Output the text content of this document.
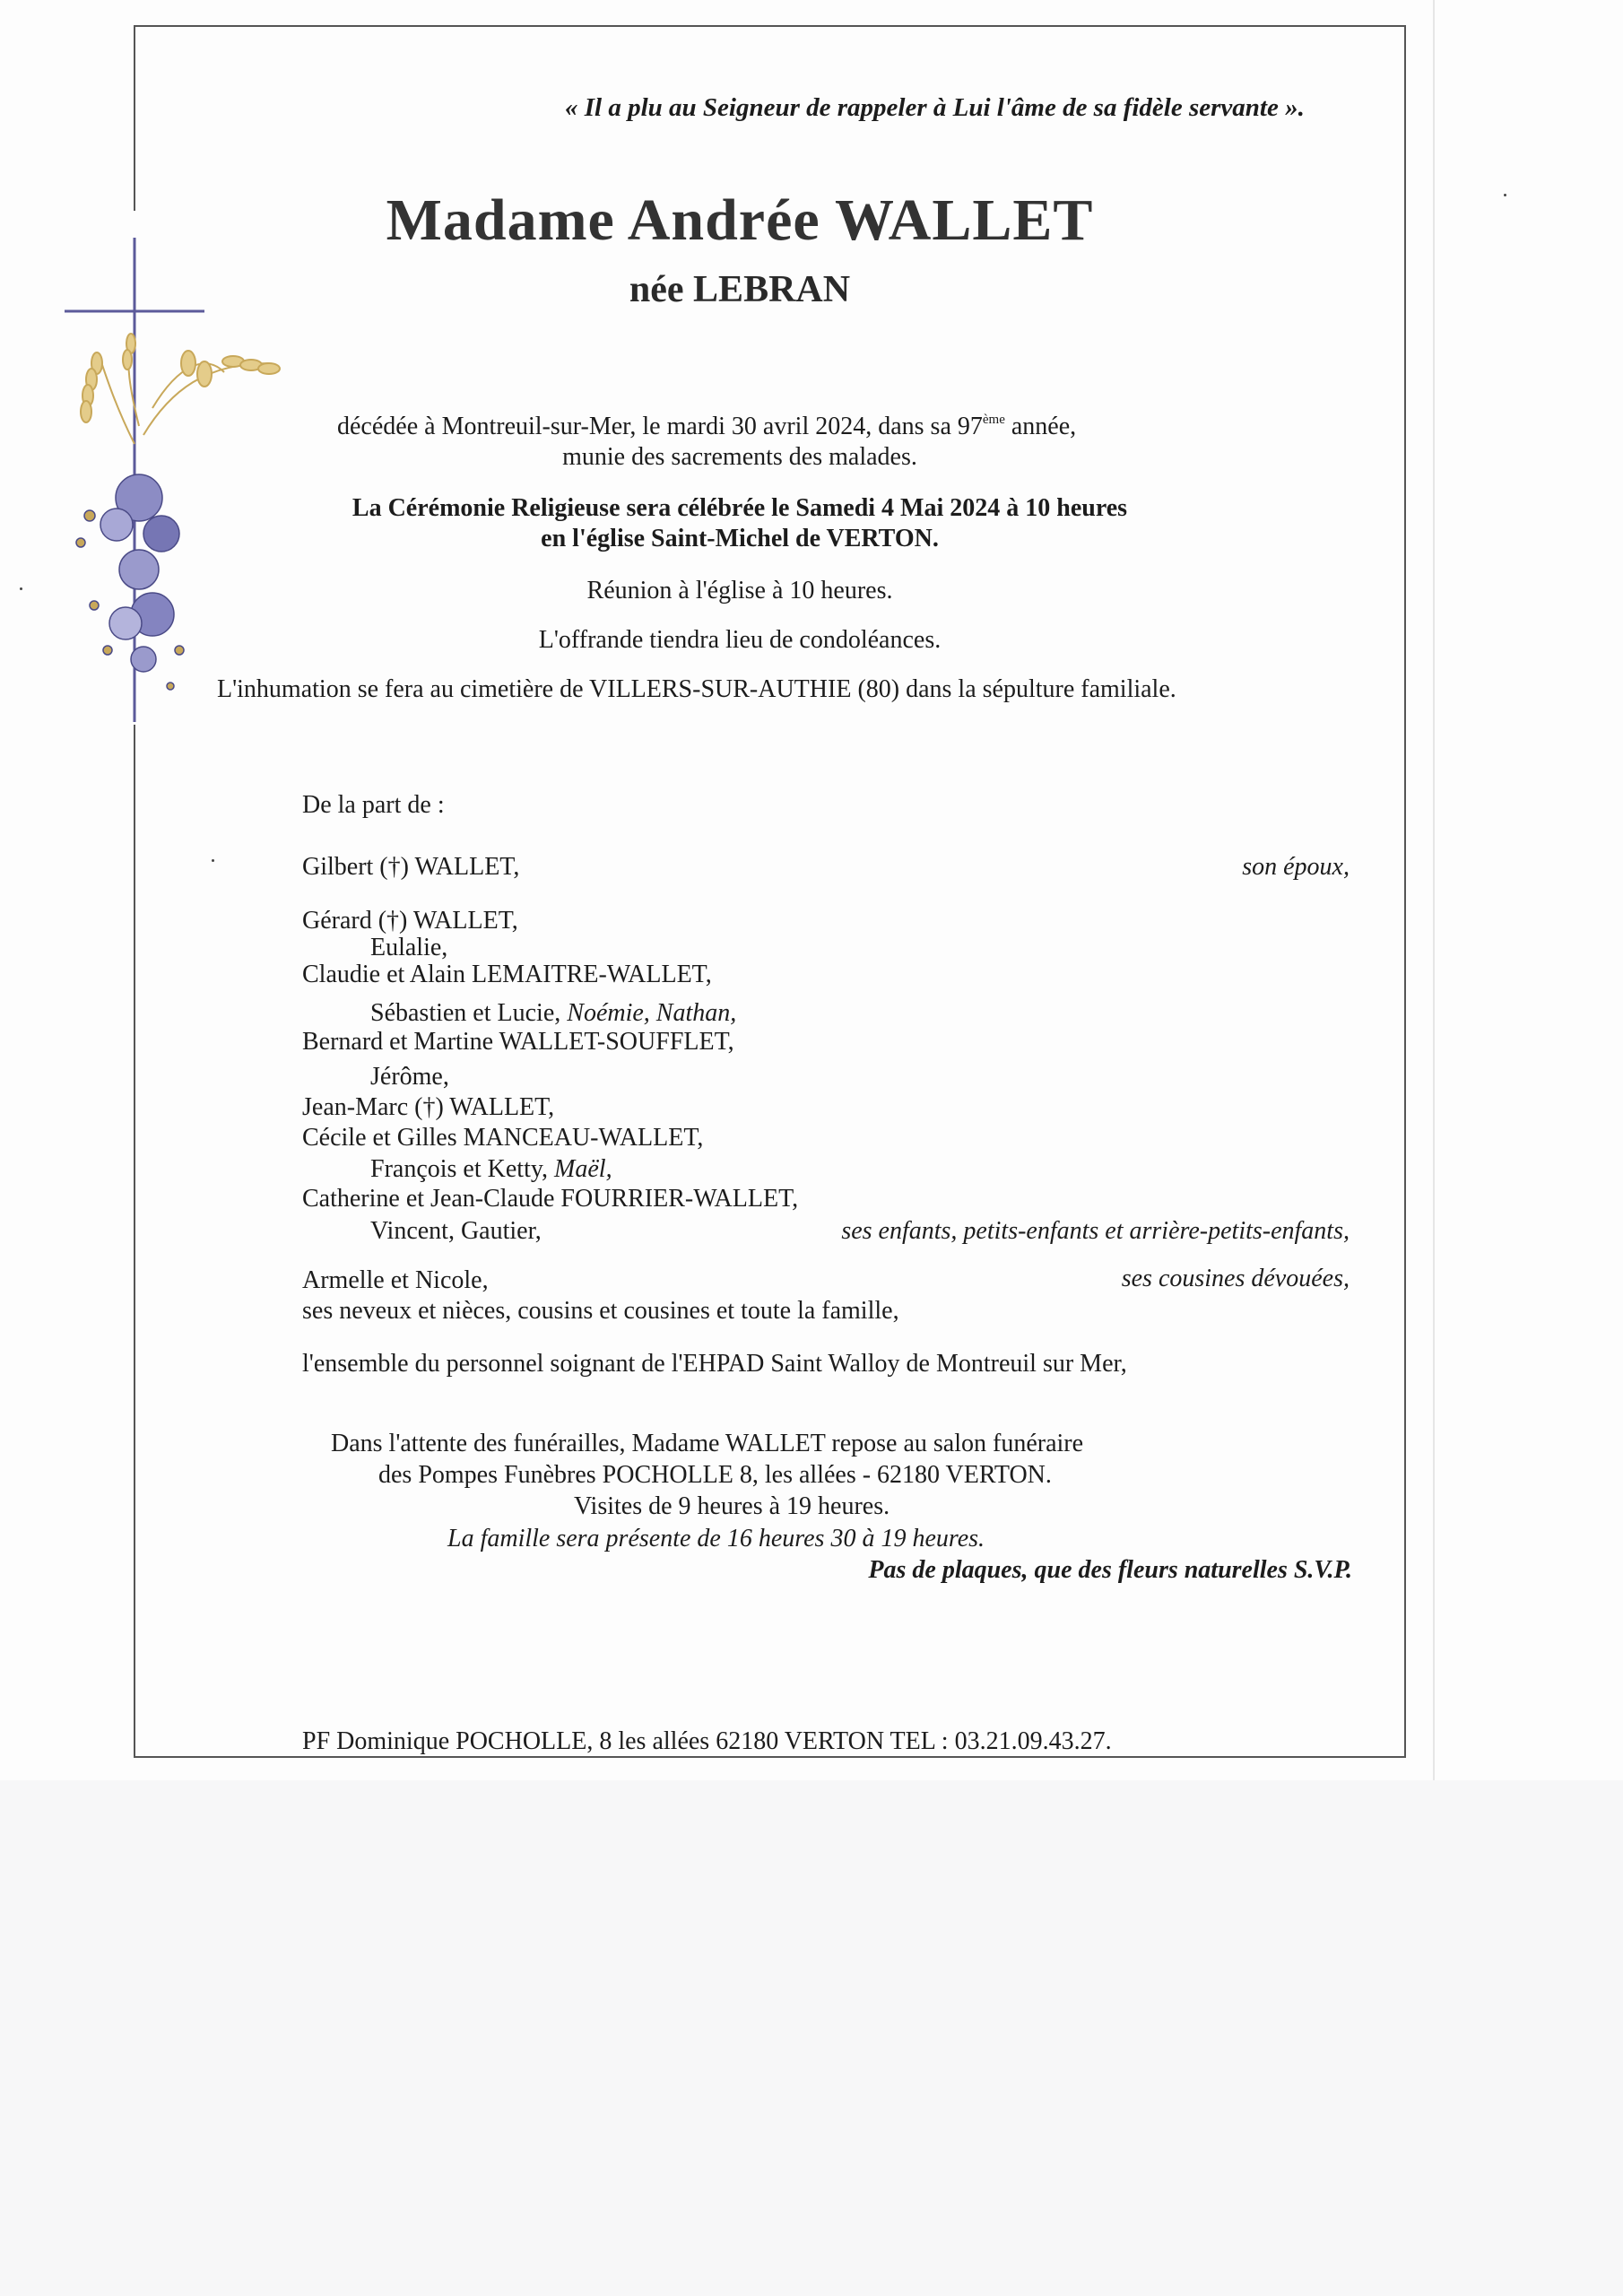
« Il a plu au Seigneur de rappeler à Lui l'âme de sa fidèle servante ».
Madame Andrée WALLET
née LEBRAN
décédée à Montreuil-sur-Mer, le mardi 30 avril 2024, dans sa 97ème année,
munie des sacrements des malades.
La Cérémonie Religieuse sera célébrée le Samedi 4 Mai 2024 à 10 heures
en l'église Saint-Michel de VERTON.
Réunion à l'église à 10 heures.
L'offrande tiendra lieu de condoléances.
L'inhumation se fera au cimetière de VILLERS-SUR-AUTHIE (80) dans la sépulture familiale.
De la part de :
Gilbert (†) WALLET,	son époux,
Gérard (†) WALLET,
Eulalie,
Claudie et Alain LEMAITRE-WALLET,
Sébastien et Lucie, Noémie, Nathan,
Bernard et Martine WALLET-SOUFFLET,
Jérôme,
Jean-Marc (†) WALLET,
Cécile et Gilles MANCEAU-WALLET,
François et Ketty, Maël,
Catherine et Jean-Claude FOURRIER-WALLET,
Vincent, Gautier,	ses enfants, petits-enfants et arrière-petits-enfants,
Armelle et Nicole,	ses cousines dévouées,
ses neveux et nièces, cousins et cousines et toute la famille,
l'ensemble du personnel soignant de l'EHPAD Saint Walloy de Montreuil sur Mer,
Dans l'attente des funérailles, Madame WALLET repose au salon funéraire
des Pompes Funèbres POCHOLLE 8, les allées - 62180 VERTON.
Visites de 9 heures à 19 heures.
La famille sera présente de 16 heures 30 à 19 heures.
Pas de plaques, que des fleurs naturelles S.V.P.
PF Dominique POCHOLLE, 8 les allées 62180 VERTON TEL : 03.21.09.43.27.
